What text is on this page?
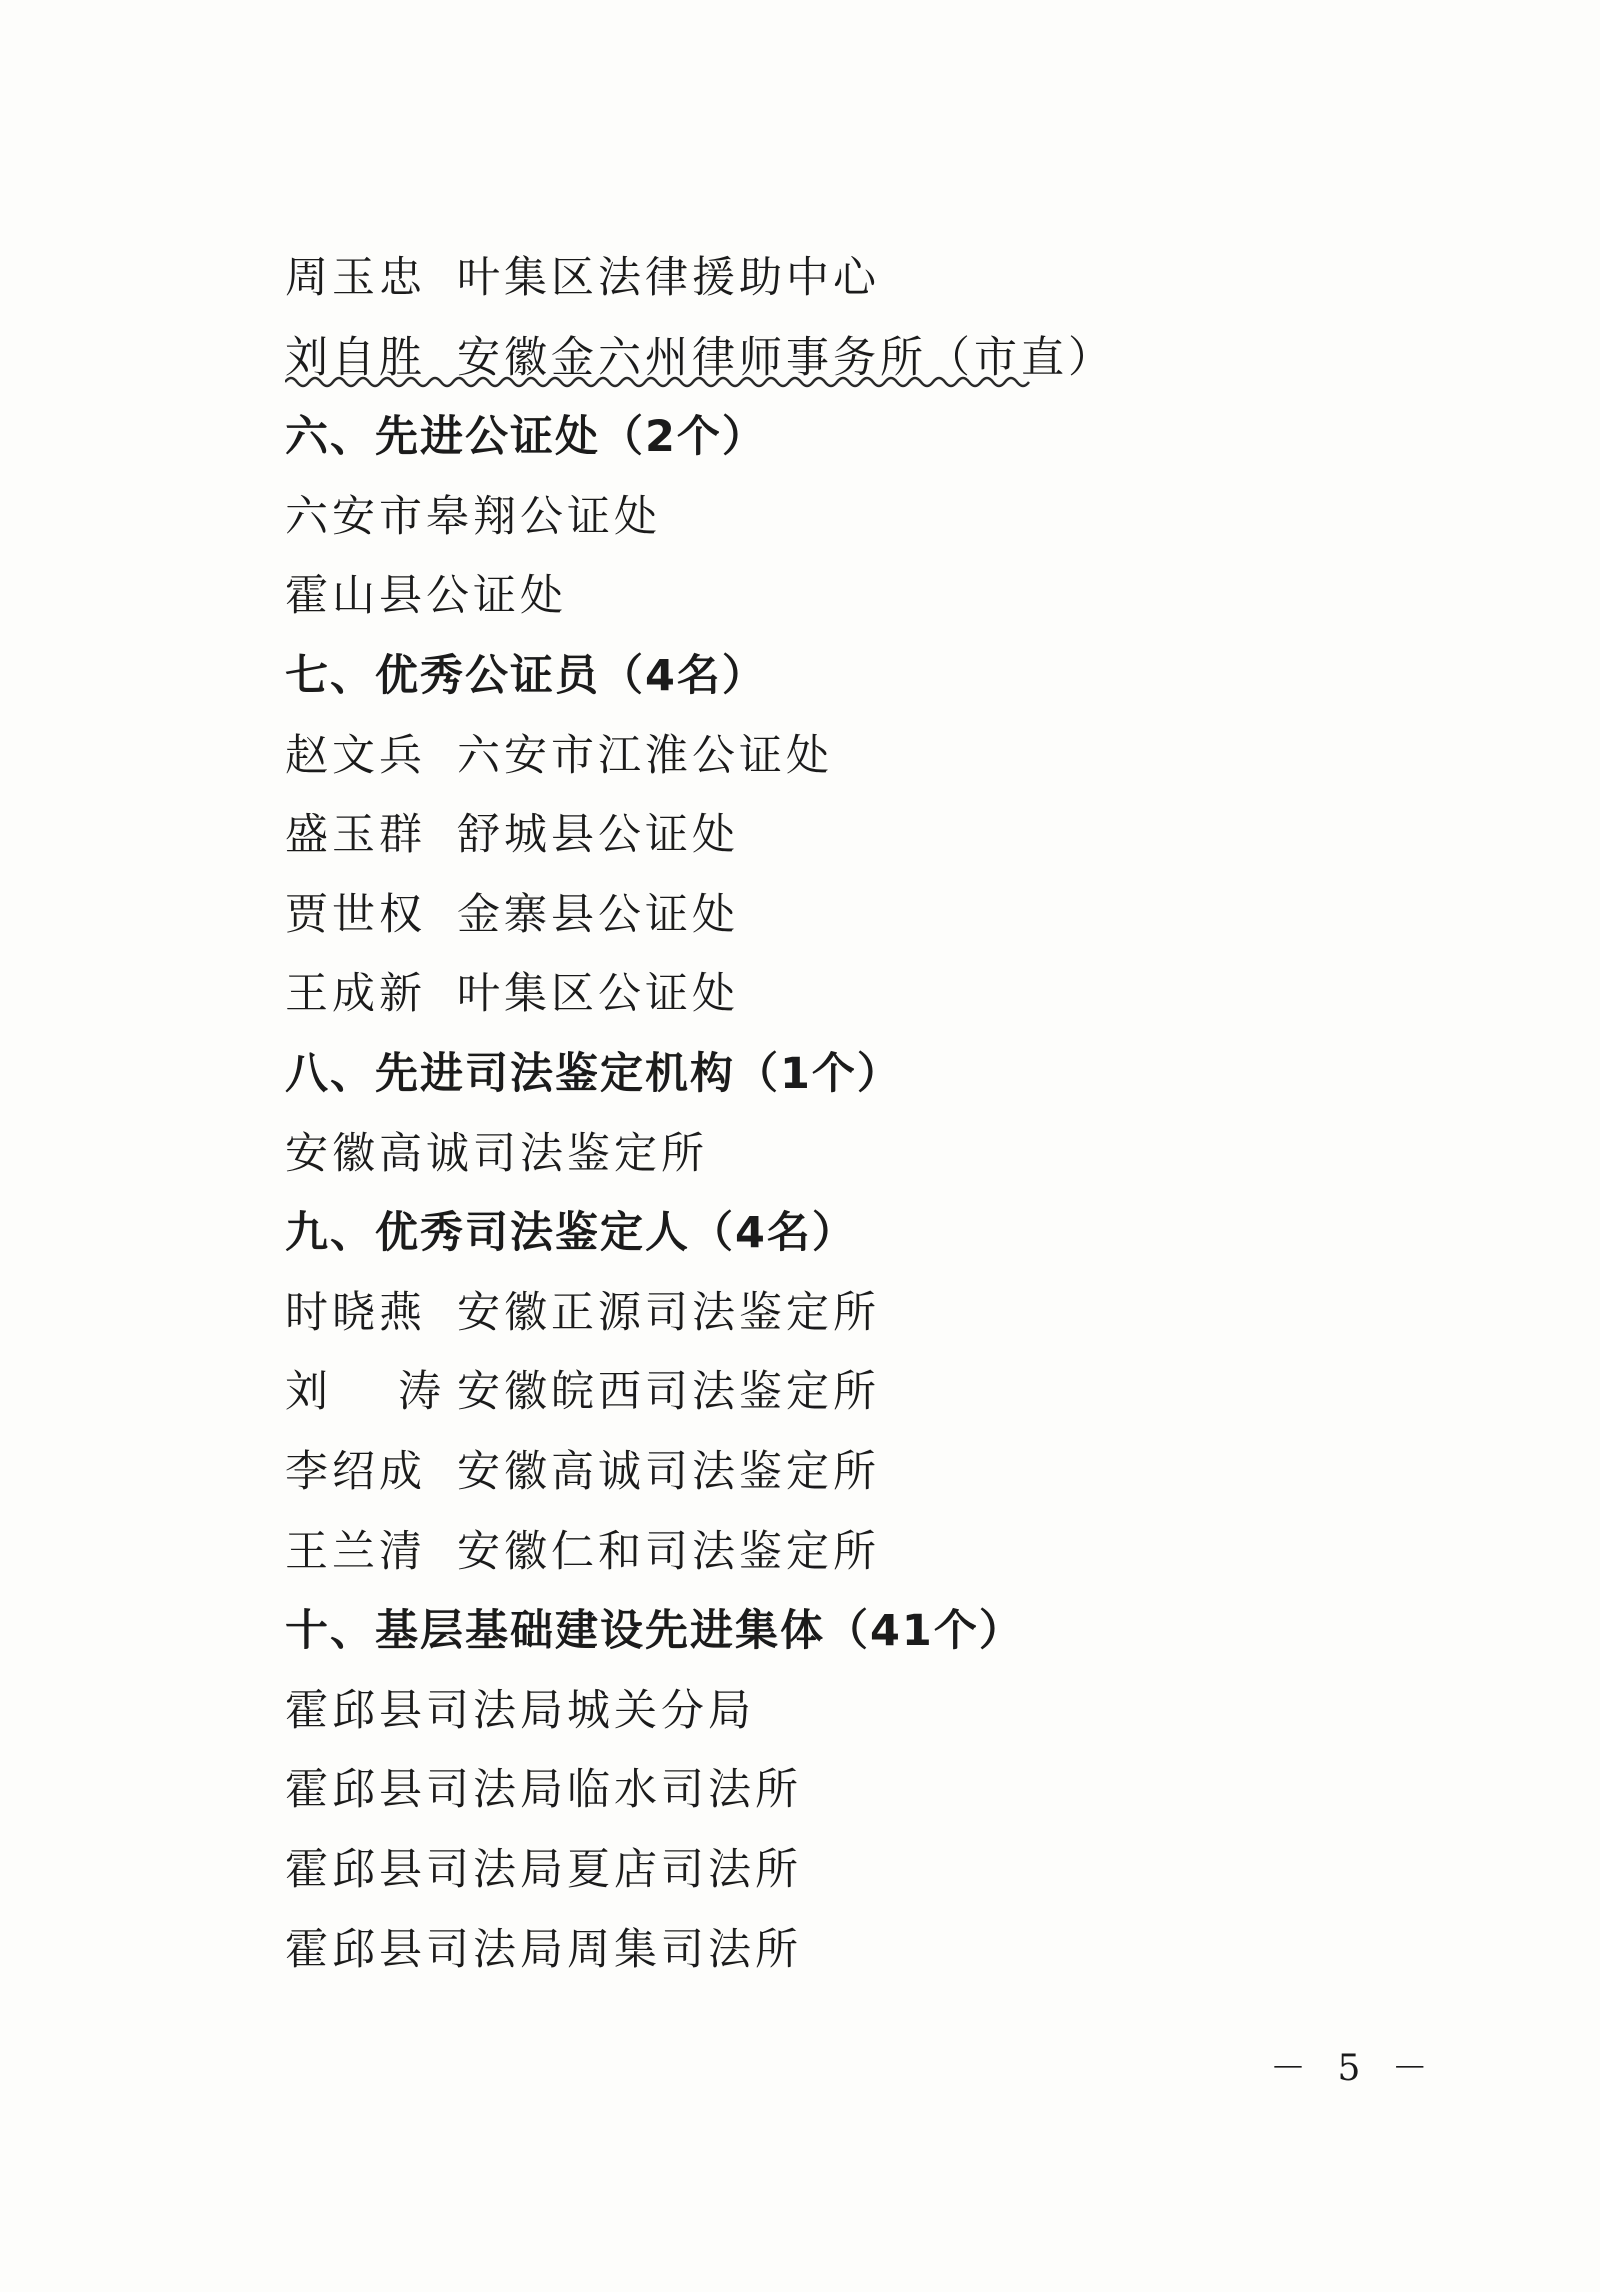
周玉忠 叶集区法律援助中心
刘自胜 安徽金六州律师事务所（市直）
六、先进公证处（2个）
六安市皋翔公证处
霍山县公证处
七、优秀公证员（4名）
赵文兵 六安市江淮公证处
盛玉群 舒城县公证处
贾世权 金寨县公证处
王成新 叶集区公证处
八、先进司法鉴定机构（1个）
安徽高诚司法鉴定所
九、优秀司法鉴定人（4名）
时晓燕 安徽正源司法鉴定所
刘涛安徽皖西司法鉴定所
李绍成 安徽高诚司法鉴定所
王兰清 安徽仁和司法鉴定所
十、基层基础建设先进集体（41个）
霍邱县司法局城关分局
霍邱县司法局临水司法所
霍邱县司法局夏店司法所
霍邱县司法局周集司法所
－ 5 －
